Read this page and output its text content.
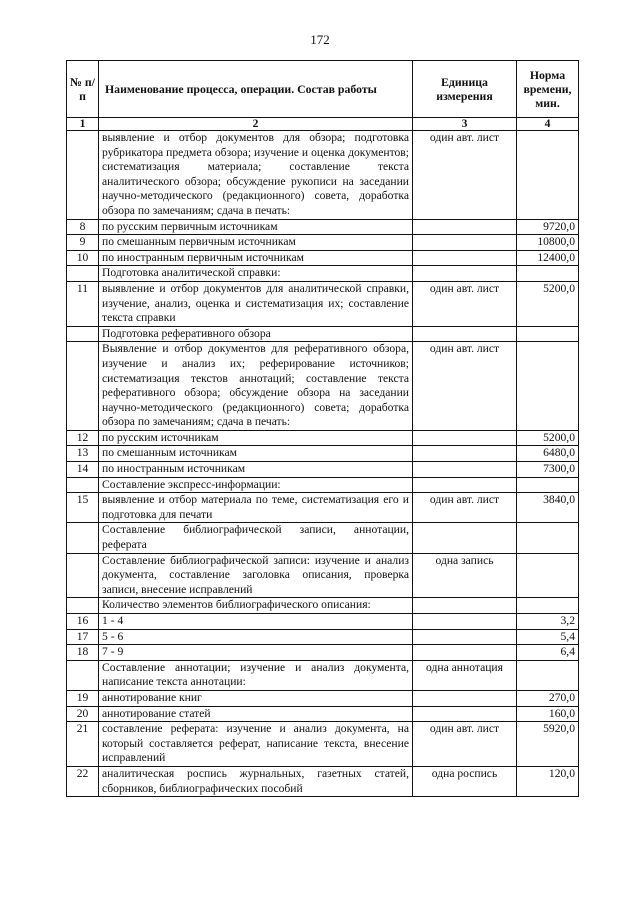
172
№ п/п	Наименование процесса, операции. Состав работы	Единица измерения	Норма времени, мин.
1	2	3	4
	выявление и отбор документов для обзора; подготовка рубрикатора предмета обзора; изучение и оценка документов; систематизация материала; составление текста аналитического обзора; обсуждение рукописи на заседании научно-методического (редакционного) совета, доработка обзора по замечаниям; сдача в печать:	один авт. лист	
8	по русским первичным источникам		9720,0
9	по смешанным первичным источникам		10800,0
10	по иностранным первичным источникам		12400,0
	Подготовка аналитической справки:		
11	выявление и отбор документов для аналитической справки, изучение, анализ, оценка и систематизация их; составление текста справки	один авт. лист	5200,0
	Подготовка реферативного обзора		
	Выявление и отбор документов для реферативного обзора, изучение и анализ их; реферирование источников; систематизация текстов аннотаций; составление текста реферативного обзора; обсуждение обзора на заседании научно-методического (редакционного) совета; доработка обзора по замечаниям; сдача в печать:	один авт. лист	
12	по русским источникам		5200,0
13	по смешанным источникам		6480,0
14	по иностранным источникам		7300,0
	Составление экспресс-информации:		
15	выявление и отбор материала по теме, систематизация его и подготовка для печати	один авт. лист	3840,0
	Составление библиографической записи, аннотации, реферата		
	Составление библиографической записи: изучение и анализ документа, составление заголовка описания, проверка записи, внесение исправлений	одна запись	
	Количество элементов библиографического описания:		
16	1 - 4		3,2
17	5 - 6		5,4
18	7 - 9		6,4
	Составление аннотации; изучение и анализ документа, написание текста аннотации:	одна аннотация	
19	аннотирование книг		270,0
20	аннотирование статей		160,0
21	составление реферата: изучение и анализ документа, на который составляется реферат, написание текста, внесение исправлений	один авт. лист	5920,0
22	аналитическая роспись журнальных, газетных статей, сборников, библиографических пособий	одна роспись	120,0
